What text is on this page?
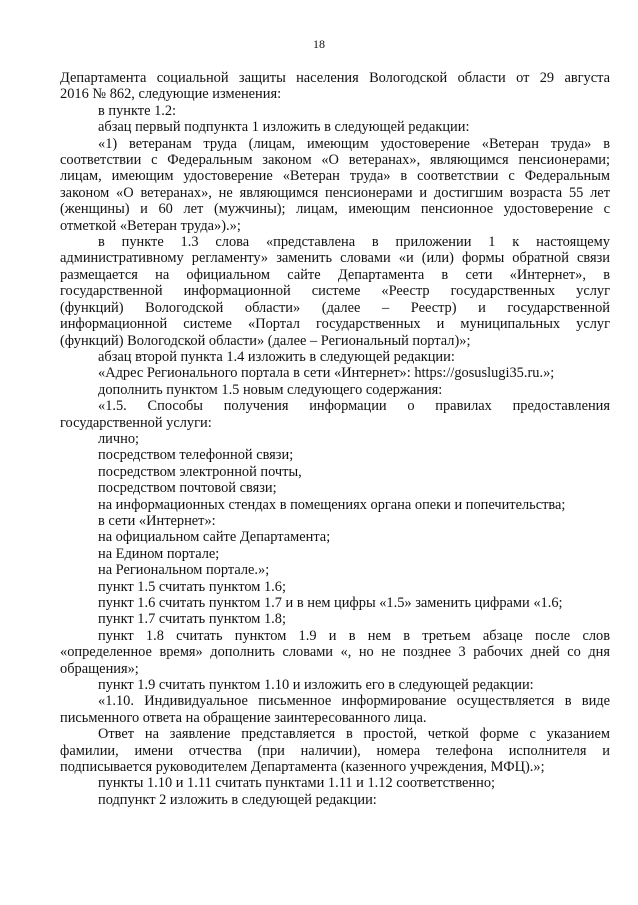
18

Департамента социальной защиты населения Вологодской области от 29 августа

2016 № 862, следующие изменения:

в пункте 1.2:

абзац первый подпункта 1 изложить в следующей редакции:

«1) ветеранам труда (лицам, имеющим удостоверение «Ветеран труда» в

соответствии с Федеральным законом «О ветеранах», являющимся пенсионерами;

лицам, имеющим удостоверение «Ветеран труда» в соответствии с Федеральным

законом «О ветеранах», не являющимся пенсионерами и достигшим возраста 55 лет

(женщины) и 60 лет (мужчины); лицам, имеющим пенсионное удостоверение с

отметкой «Ветеран труда»).»;

в пункте 1.3 слова «представлена в приложении 1 к настоящему

административному регламенту» заменить словами «и (или) формы обратной связи

размещается на официальном сайте Департамента в сети «Интернет», в

государственной информационной системе «Реестр государственных услуг

(функций) Вологодской области» (далее – Реестр) и государственной

информационной системе «Портал государственных и муниципальных услуг

(функций) Вологодской области» (далее – Региональный портал)»;

абзац второй пункта 1.4 изложить в следующей редакции:

«Адрес Регионального портала в сети «Интернет»: https://gosuslugi35.ru.»;

дополнить пунктом 1.5 новым следующего содержания:

«1.5. Способы получения информации о правилах предоставления

государственной услуги:

лично;

посредством телефонной связи;

посредством электронной почты,

посредством почтовой связи;

на информационных стендах в помещениях органа опеки и попечительства;

в сети «Интернет»:

на официальном сайте Департамента;

на Едином портале;

на Региональном портале.»;

пункт 1.5 считать пунктом 1.6;

пункт 1.6 считать пунктом 1.7 и в нем цифры «1.5» заменить цифрами «1.6;

пункт 1.7 считать пунктом 1.8;

пункт 1.8 считать пунктом 1.9 и в нем в третьем абзаце после слов

«определенное время» дополнить словами «, но не позднее 3 рабочих дней со дня

обращения»;

пункт 1.9 считать пунктом 1.10 и изложить его в следующей редакции:

«1.10. Индивидуальное письменное информирование осуществляется в виде

письменного ответа на обращение заинтересованного лица.

Ответ на заявление представляется в простой, четкой форме с указанием

фамилии, имени отчества (при наличии), номера телефона исполнителя и

подписывается руководителем Департамента (казенного учреждения, МФЦ).»;

пункты 1.10 и 1.11 считать пунктами 1.11 и 1.12 соответственно;

подпункт 2 изложить в следующей редакции:
